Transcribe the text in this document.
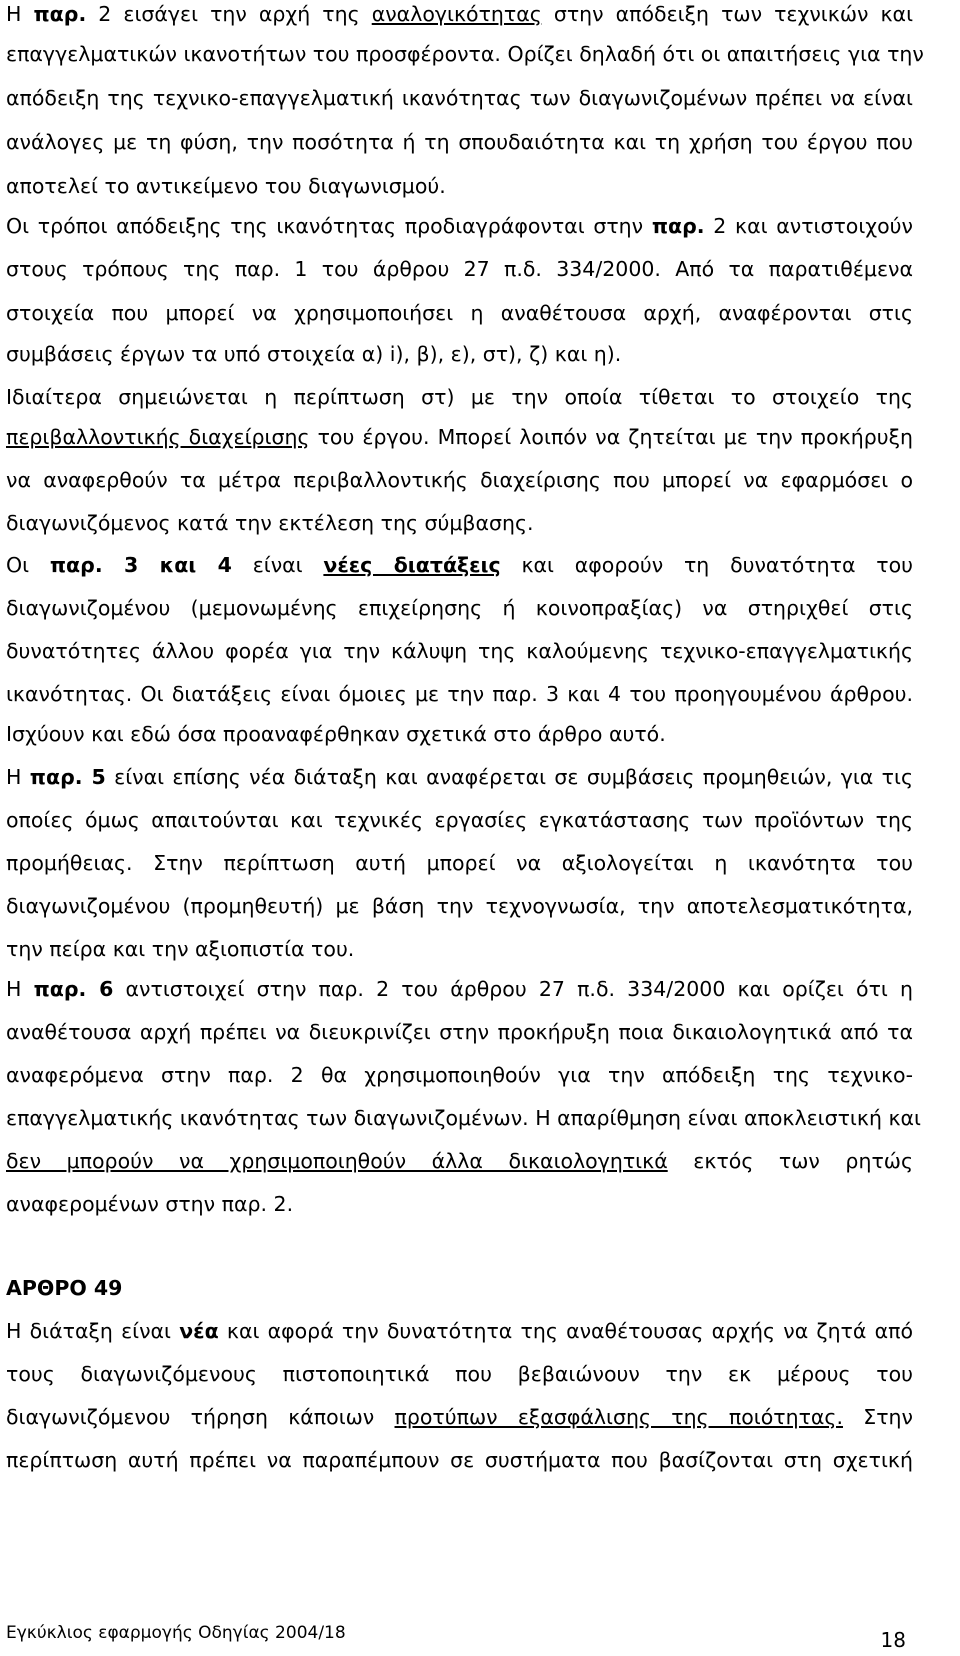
Η παρ. 2 εισάγει την αρχή της αναλογικότητας στην απόδειξη των τεχνικών και
επαγγελματικών ικανοτήτων του προσφέροντα. Ορίζει δηλαδή ότι οι απαιτήσεις για την
απόδειξη της τεχνικο-επαγγελματική ικανότητας των διαγωνιζομένων πρέπει να είναι
ανάλογες με τη φύση, την ποσότητα ή τη σπουδαιότητα και τη χρήση του έργου που
αποτελεί το αντικείμενο του διαγωνισμού.
Οι τρόποι απόδειξης της ικανότητας προδιαγράφονται στην παρ. 2 και αντιστοιχούν
στους τρόπους της παρ. 1 του άρθρου 27 π.δ. 334/2000. Από τα παρατιθέμενα
στοιχεία που μπορεί να χρησιμοποιήσει η αναθέτουσα αρχή, αναφέρονται στις
συμβάσεις έργων τα υπό στοιχεία α) i), β), ε), στ), ζ) και η).
Ιδιαίτερα σημειώνεται η περίπτωση στ) με την οποία τίθεται το στοιχείο της
περιβαλλοντικής διαχείρισης του έργου. Μπορεί λοιπόν να ζητείται με την προκήρυξη
να αναφερθούν τα μέτρα περιβαλλοντικής διαχείρισης που μπορεί να εφαρμόσει ο
διαγωνιζόμενος κατά την εκτέλεση της σύμβασης.
Οι παρ. 3 και 4 είναι νέες διατάξεις και αφορούν τη δυνατότητα του
διαγωνιζομένου (μεμονωμένης επιχείρησης ή κοινοπραξίας) να στηριχθεί στις
δυνατότητες άλλου φορέα για την κάλυψη της καλούμενης τεχνικο-επαγγελματικής
ικανότητας. Οι διατάξεις είναι όμοιες με την παρ. 3 και 4 του προηγουμένου άρθρου.
Ισχύουν και εδώ όσα προαναφέρθηκαν σχετικά στο άρθρο αυτό.
Η παρ. 5 είναι επίσης νέα διάταξη και αναφέρεται σε συμβάσεις προμηθειών, για τις
οποίες όμως απαιτούνται και τεχνικές εργασίες εγκατάστασης των προϊόντων της
προμήθειας. Στην περίπτωση αυτή μπορεί να αξιολογείται η ικανότητα του
διαγωνιζομένου (προμηθευτή) με βάση την τεχνογνωσία, την αποτελεσματικότητα,
την πείρα και την αξιοπιστία του.
Η παρ. 6 αντιστοιχεί στην παρ. 2 του άρθρου 27 π.δ. 334/2000 και ορίζει ότι η
αναθέτουσα αρχή πρέπει να διευκρινίζει στην προκήρυξη ποια δικαιολογητικά από τα
αναφερόμενα στην παρ. 2 θα χρησιμοποιηθούν για την απόδειξη της τεχνικο-
επαγγελματικής ικανότητας των διαγωνιζομένων. Η απαρίθμηση είναι αποκλειστική και
δεν μπορούν να χρησιμοποιηθούν άλλα δικαιολογητικά εκτός των ρητώς
αναφερομένων στην παρ. 2.
ΑΡΘΡΟ 49
Η διάταξη είναι νέα και αφορά την δυνατότητα της αναθέτουσας αρχής να ζητά από
τους διαγωνιζόμενους πιστοποιητικά που βεβαιώνουν την εκ μέρους του
διαγωνιζόμενου τήρηση κάποιων προτύπων εξασφάλισης της ποιότητας. Στην
περίπτωση αυτή πρέπει να παραπέμπουν σε συστήματα που βασίζονται στη σχετική
Εγκύκλιος εφαρμογής Οδηγίας 2004/18	18
